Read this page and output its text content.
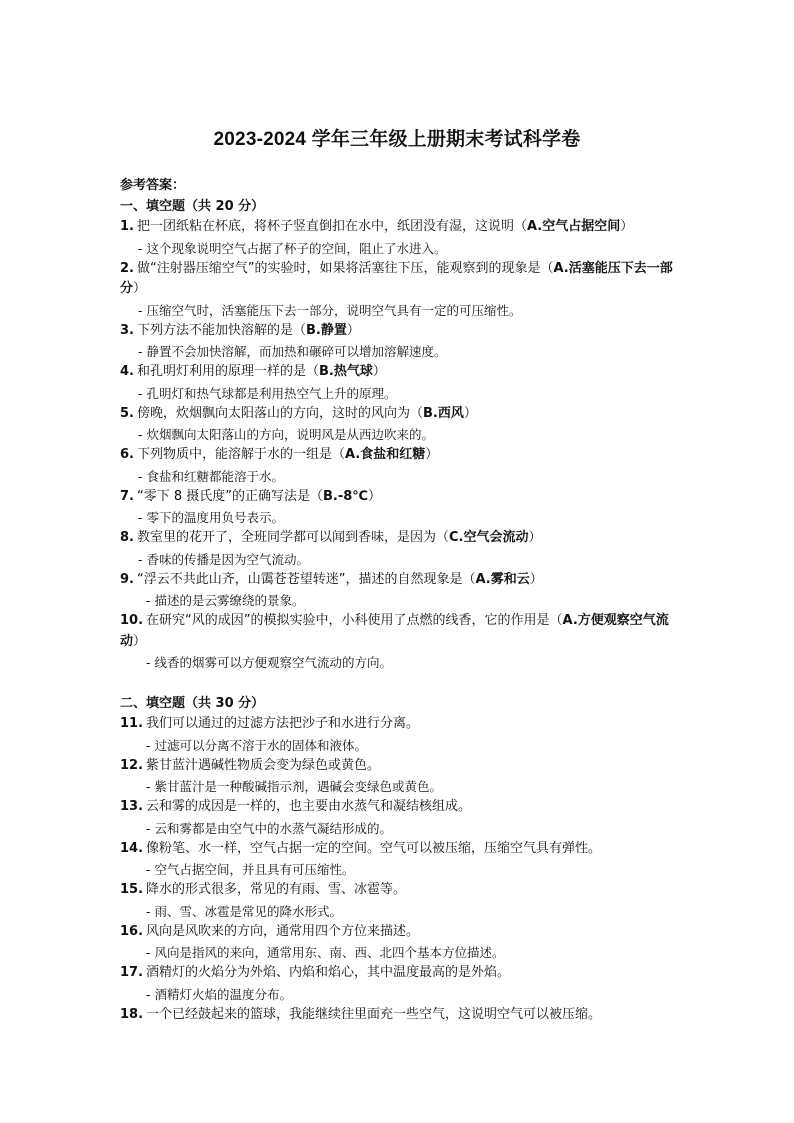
2023-2024 学年三年级上册期末考试科学卷
参考答案：
一、填空题（共 20 分）
1. 把一团纸粘在杯底，将杯子竖直倒扣在水中，纸团没有湿，这说明（A.空气占据空间）
- 这个现象说明空气占据了杯子的空间，阻止了水进入。
2. 做“注射器压缩空气”的实验时，如果将活塞往下压，能观察到的现象是（A.活塞能压下去一部分）
- 压缩空气时，活塞能压下去一部分，说明空气具有一定的可压缩性。
3. 下列方法不能加快溶解的是（B.静置）
- 静置不会加快溶解，而加热和碾碎可以增加溶解速度。
4. 和孔明灯利用的原理一样的是（B.热气球）
- 孔明灯和热气球都是利用热空气上升的原理。
5. 傍晚，炊烟飘向太阳落山的方向，这时的风向为（B.西风）
- 炊烟飘向太阳落山的方向，说明风是从西边吹来的。
6. 下列物质中，能溶解于水的一组是（A.食盐和红糖）
- 食盐和红糖都能溶于水。
7. “零下 8 摄氏度”的正确写法是（B.-8℃）
- 零下的温度用负号表示。
8. 教室里的花开了，全班同学都可以闻到香味，是因为（C.空气会流动）
- 香味的传播是因为空气流动。
9. “浮云不共此山齐，山霭苍苍望转迷”，描述的自然现象是（A.雾和云）
- 描述的是云雾缭绕的景象。
10. 在研究“风的成因”的模拟实验中，小科使用了点燃的线香，它的作用是（A.方便观察空气流动）
- 线香的烟雾可以方便观察空气流动的方向。
二、填空题（共 30 分）
11. 我们可以通过的过滤方法把沙子和水进行分离。
- 过滤可以分离不溶于水的固体和液体。
12. 紫甘蓝汁遇碱性物质会变为绿色或黄色。
- 紫甘蓝汁是一种酸碱指示剂，遇碱会变绿色或黄色。
13. 云和雾的成因是一样的，也主要由水蒸气和凝结核组成。
- 云和雾都是由空气中的水蒸气凝结形成的。
14. 像粉笔、水一样，空气占据一定的空间。空气可以被压缩，压缩空气具有弹性。
- 空气占据空间，并且具有可压缩性。
15. 降水的形式很多，常见的有雨、雪、冰雹等。
- 雨、雪、冰雹是常见的降水形式。
16. 风向是风吹来的方向，通常用四个方位来描述。
- 风向是指风的来向，通常用东、南、西、北四个基本方位描述。
17. 酒精灯的火焰分为外焰、内焰和焰心，其中温度最高的是外焰。
- 酒精灯火焰的温度分布。
18. 一个已经鼓起来的篮球，我能继续往里面充一些空气，这说明空气可以被压缩。
